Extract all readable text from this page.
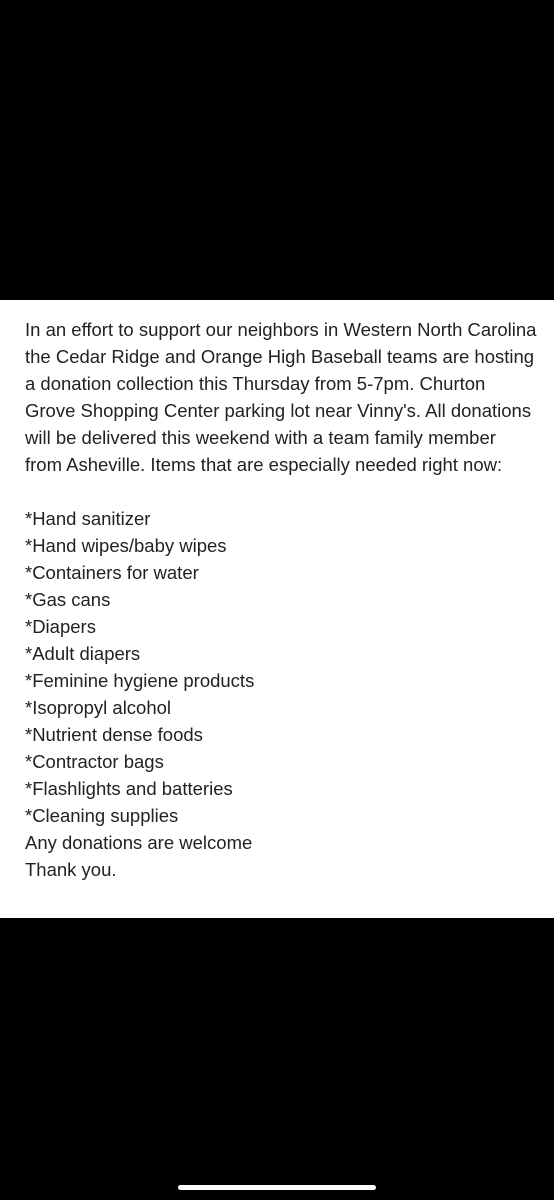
In an effort to support our neighbors in Western North Carolina the Cedar Ridge and Orange High Baseball teams are hosting a donation collection this Thursday from 5-7pm. Churton Grove Shopping Center parking lot near Vinny's. All donations will be delivered this weekend with a team family member from Asheville. Items that are especially needed right now:

*Hand sanitizer
*Hand wipes/baby wipes
*Containers for water
*Gas cans
*Diapers
*Adult diapers
*Feminine hygiene products
*Isopropyl alcohol
*Nutrient dense foods
*Contractor bags
*Flashlights and batteries
*Cleaning supplies

Any donations are welcome

Thank you.
